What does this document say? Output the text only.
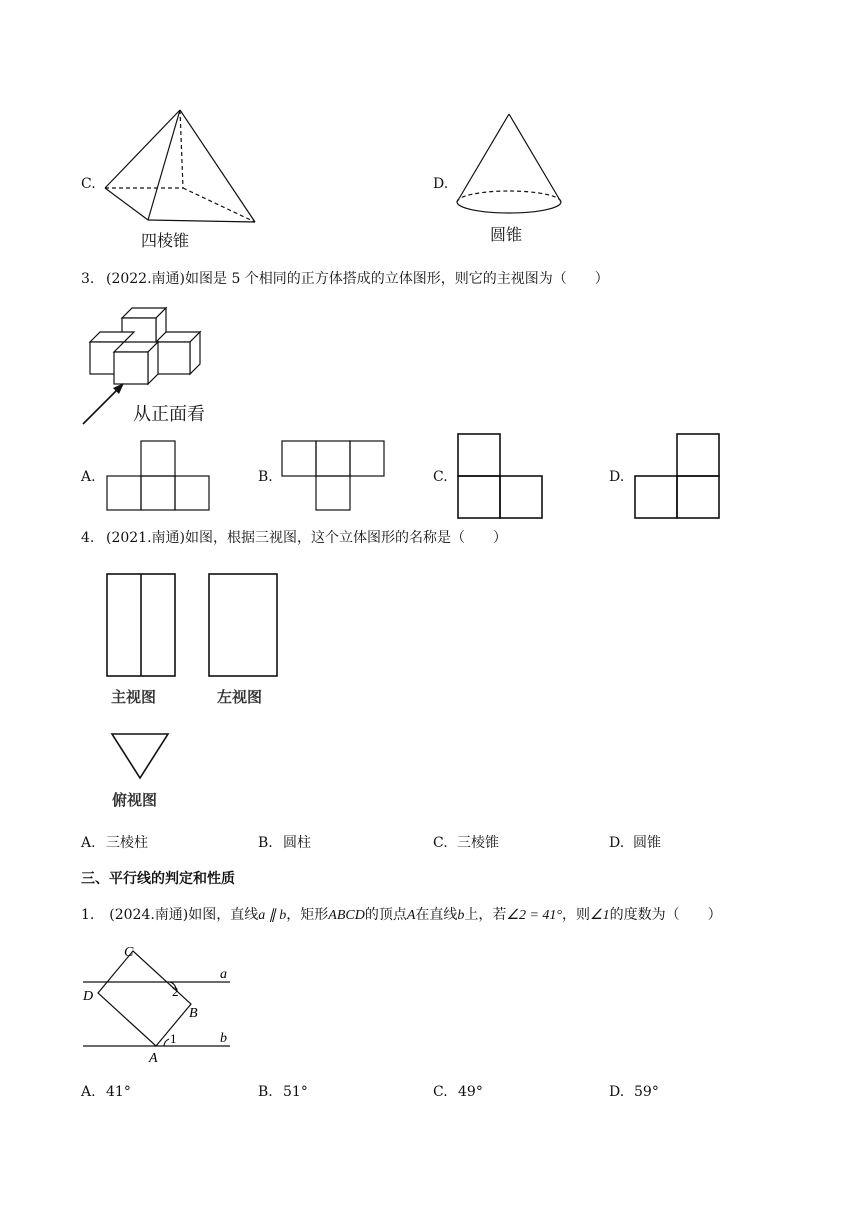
C.
四棱锥
D.
圆锥
3. (2022.南通)如图是 5 个相同的正方体搭成的立体图形，则它的主视图为（　　）
从正面看
A.	B.	C.	D.
4. (2021.南通)如图，根据三视图，这个立体图形的名称是（　　）
主视图	左视图
俯视图
A. 三棱柱	B. 圆柱	C. 三棱锥	D. 圆锥
三、平行线的判定和性质
1. (2024.南通)如图，直线a ∥ b，矩形ABCD的顶点A在直线b上，若∠2 = 41°，则∠1的度数为（　　）
C
D
B
A
a
b
2
1
A. 41°	B. 51°	C. 49°	D. 59°
